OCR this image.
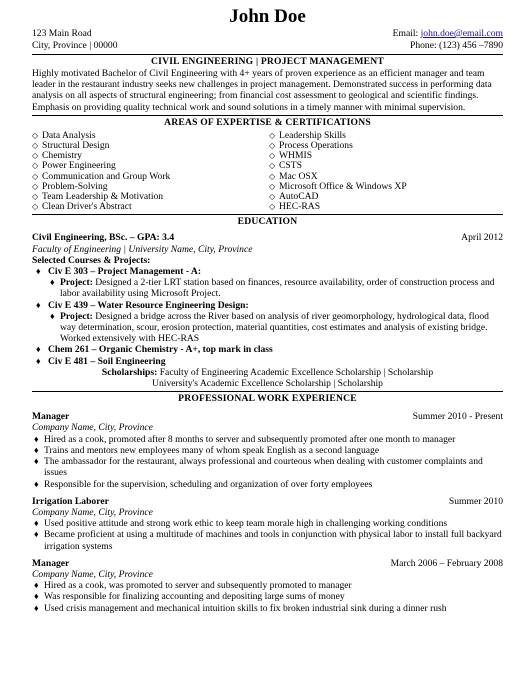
John Doe
123 Main Road	Email: john.doe@email.com
City, Province | 00000	Phone: (123) 456 –7890
CIVIL ENGINEERING | PROJECT MANAGEMENT
Highly motivated Bachelor of Civil Engineering with 4+ years of proven experience as an efficient manager and team leader in the restaurant industry seeks new challenges in project management. Demonstrated success in performing data analysis on all aspects of structural engineering; from financial cost assessment to geological and scientific findings. Emphasis on providing quality technical work and sound solutions in a timely manner with minimal supervision.
AREAS OF EXPERTISE & CERTIFICATIONS
◇ Data Analysis
◇ Structural Design
◇ Chemistry
◇ Power Engineering
◇ Communication and Group Work
◇ Problem-Solving
◇ Team Leadership & Motivation
◇ Clean Driver's Abstract
◇ Leadership Skills
◇ Process Operations
◇ WHMIS
◇ CSTS
◇ Mac OSX
◇ Microsoft Office & Windows XP
◇ AutoCAD
◇ HEC-RAS
EDUCATION
Civil Engineering, BSc. – GPA: 3.4	April 2012
Faculty of Engineering | University Name, City, Province
Selected Courses & Projects:
♦ Civ E 303 – Project Management - A:
♦ Project: Designed a 2-tier LRT station based on finances, resource availability, order of construction process and labor availability using Microsoft Project.
♦ Civ E 439 – Water Resource Engineering Design:
♦ Project: Designed a bridge across the River based on analysis of river geomorphology, hydrological data, flood way determination, scour, erosion protection, material quantities, cost estimates and analysis of existing bridge. Worked extensively with HEC-RAS
♦ Chem 261 – Organic Chemistry - A+, top mark in class
♦ Civ E 481 – Soil Engineering
Scholarships: Faculty of Engineering Academic Excellence Scholarship | Scholarship
University's Academic Excellence Scholarship | Scholarship
PROFESSIONAL WORK EXPERIENCE
Manager	Summer 2010 - Present
Company Name, City, Province
♦ Hired as a cook, promoted after 8 months to server and subsequently promoted after one month to manager
♦ Trains and mentors new employees many of whom speak English as a second language
♦ The ambassador for the restaurant, always professional and courteous when dealing with customer complaints and issues
♦ Responsible for the supervision, scheduling and organization of over forty employees
Irrigation Laborer	Summer 2010
Company Name, City, Province
♦ Used positive attitude and strong work ethic to keep team morale high in challenging working conditions
♦ Became proficient at using a multitude of machines and tools in conjunction with physical labor to install full backyard irrigation systems
Manager	March 2006 – February 2008
Company Name, City, Province
♦ Hired as a cook, was promoted to server and subsequently promoted to manager
♦ Was responsible for finalizing accounting and depositing large sums of money
♦ Used crisis management and mechanical intuition skills to fix broken industrial sink during a dinner rush
